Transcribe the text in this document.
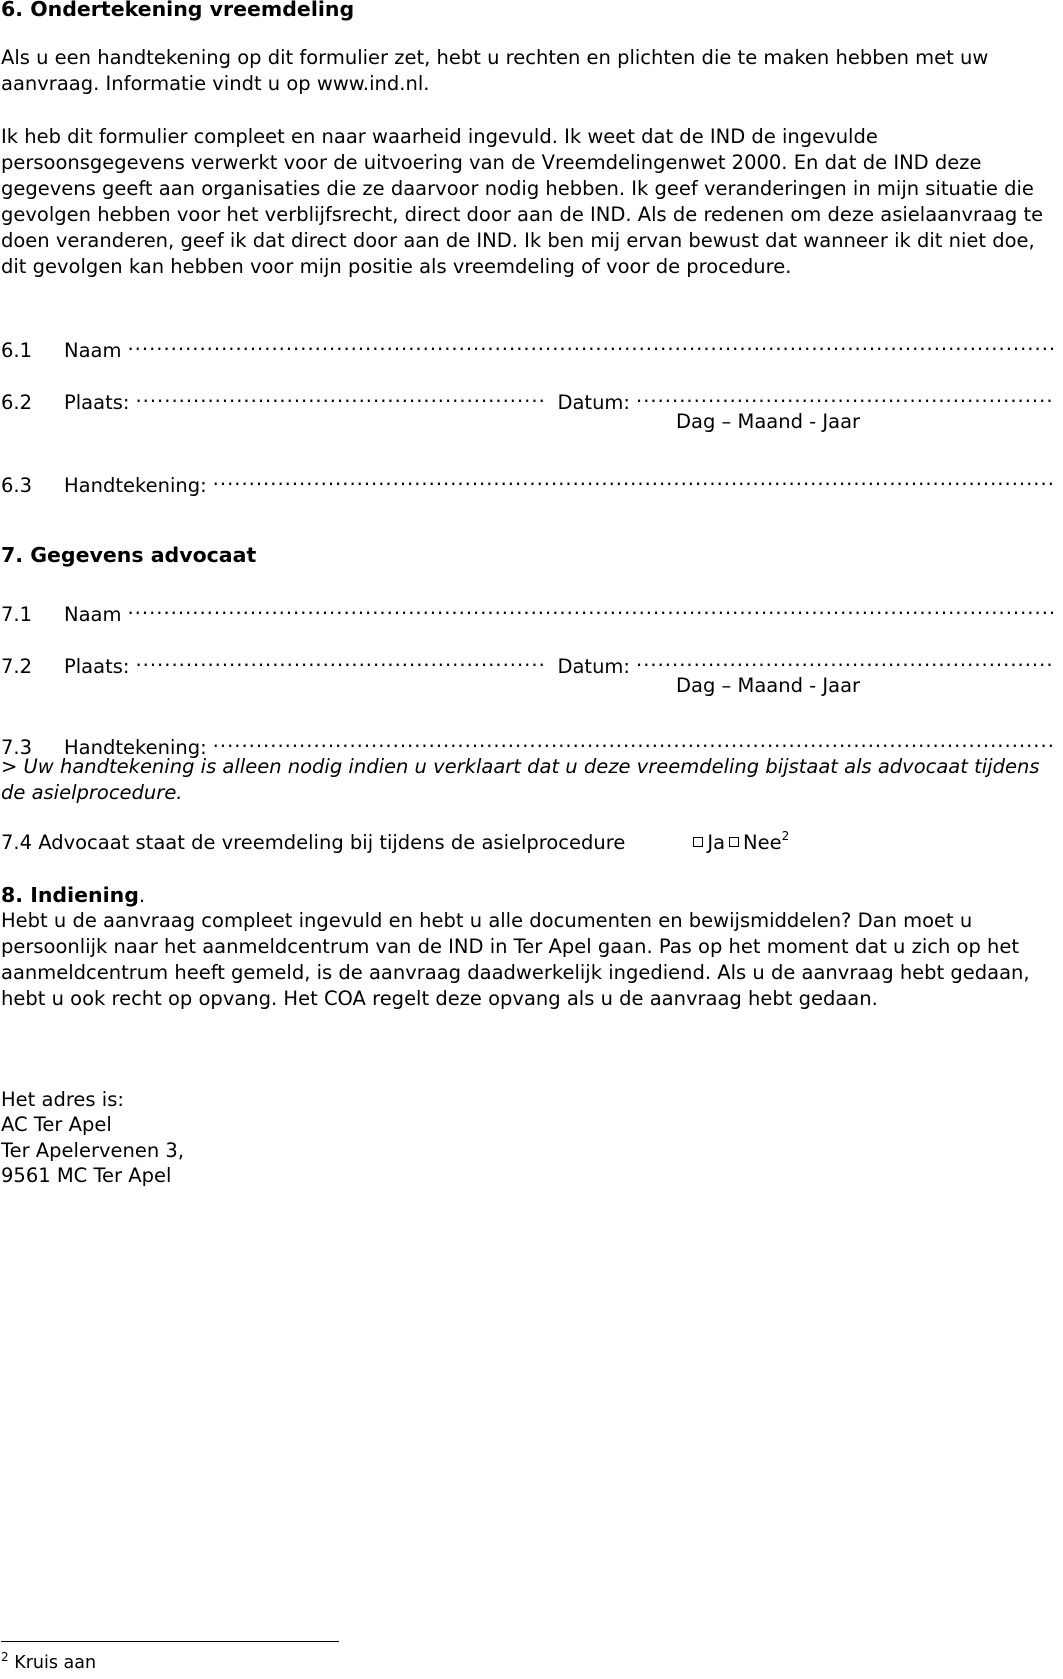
6. Ondertekening vreemdeling

Als u een handtekening op dit formulier zet, hebt u rechten en plichten die te maken hebben met uw aanvraag. Informatie vindt u op www.ind.nl.

Ik heb dit formulier compleet en naar waarheid ingevuld. Ik weet dat de IND de ingevulde persoonsgegevens verwerkt voor de uitvoering van de Vreemdelingenwet 2000. En dat de IND deze gegevens geeft aan organisaties die ze daarvoor nodig hebben. Ik geef veranderingen in mijn situatie die gevolgen hebben voor het verblijfsrecht, direct door aan de IND. Als de redenen om deze asielaanvraag te doen veranderen, geef ik dat direct door aan de IND. Ik ben mij ervan bewust dat wanneer ik dit niet doe, dit gevolgen kan hebben voor mijn positie als vreemdeling of voor de procedure.

6.1	Naam
.....
6.2	Plaats: .....	Datum:
.....
Dag – Maand - Jaar
6.3	Handtekening:
.....
7. Gegevens advocaat
7.1	Naam
.....
7.2	Plaats: .....	Datum:
.....
Dag – Maand - Jaar
7.3	Handtekening:
.....

> Uw handtekening is alleen nodig indien u verklaart dat u deze vreemdeling bijstaat als advocaat tijdens de asielprocedure.

7.4 Advocaat staat de vreemdeling bij tijdens de asielprocedure	Ja Nee$^2$
8. Indiening.

Hebt u de aanvraag compleet ingevuld en hebt u alle documenten en bewijsmiddelen? Dan moet u persoonlijk naar het aanmeldcentrum van de IND in Ter Apel gaan. Pas op het moment dat u zich op het aanmeldcentrum heeft gemeld, is de aanvraag daadwerkelijk ingediend. Als u de aanvraag hebt gedaan, hebt u ook recht op opvang. Het COA regelt deze opvang als u de aanvraag hebt gedaan.

Het adres is:
AC Ter Apel
Ter Apelervenen 3,
9561 MC Ter Apel
$^2$ Kruis aan
